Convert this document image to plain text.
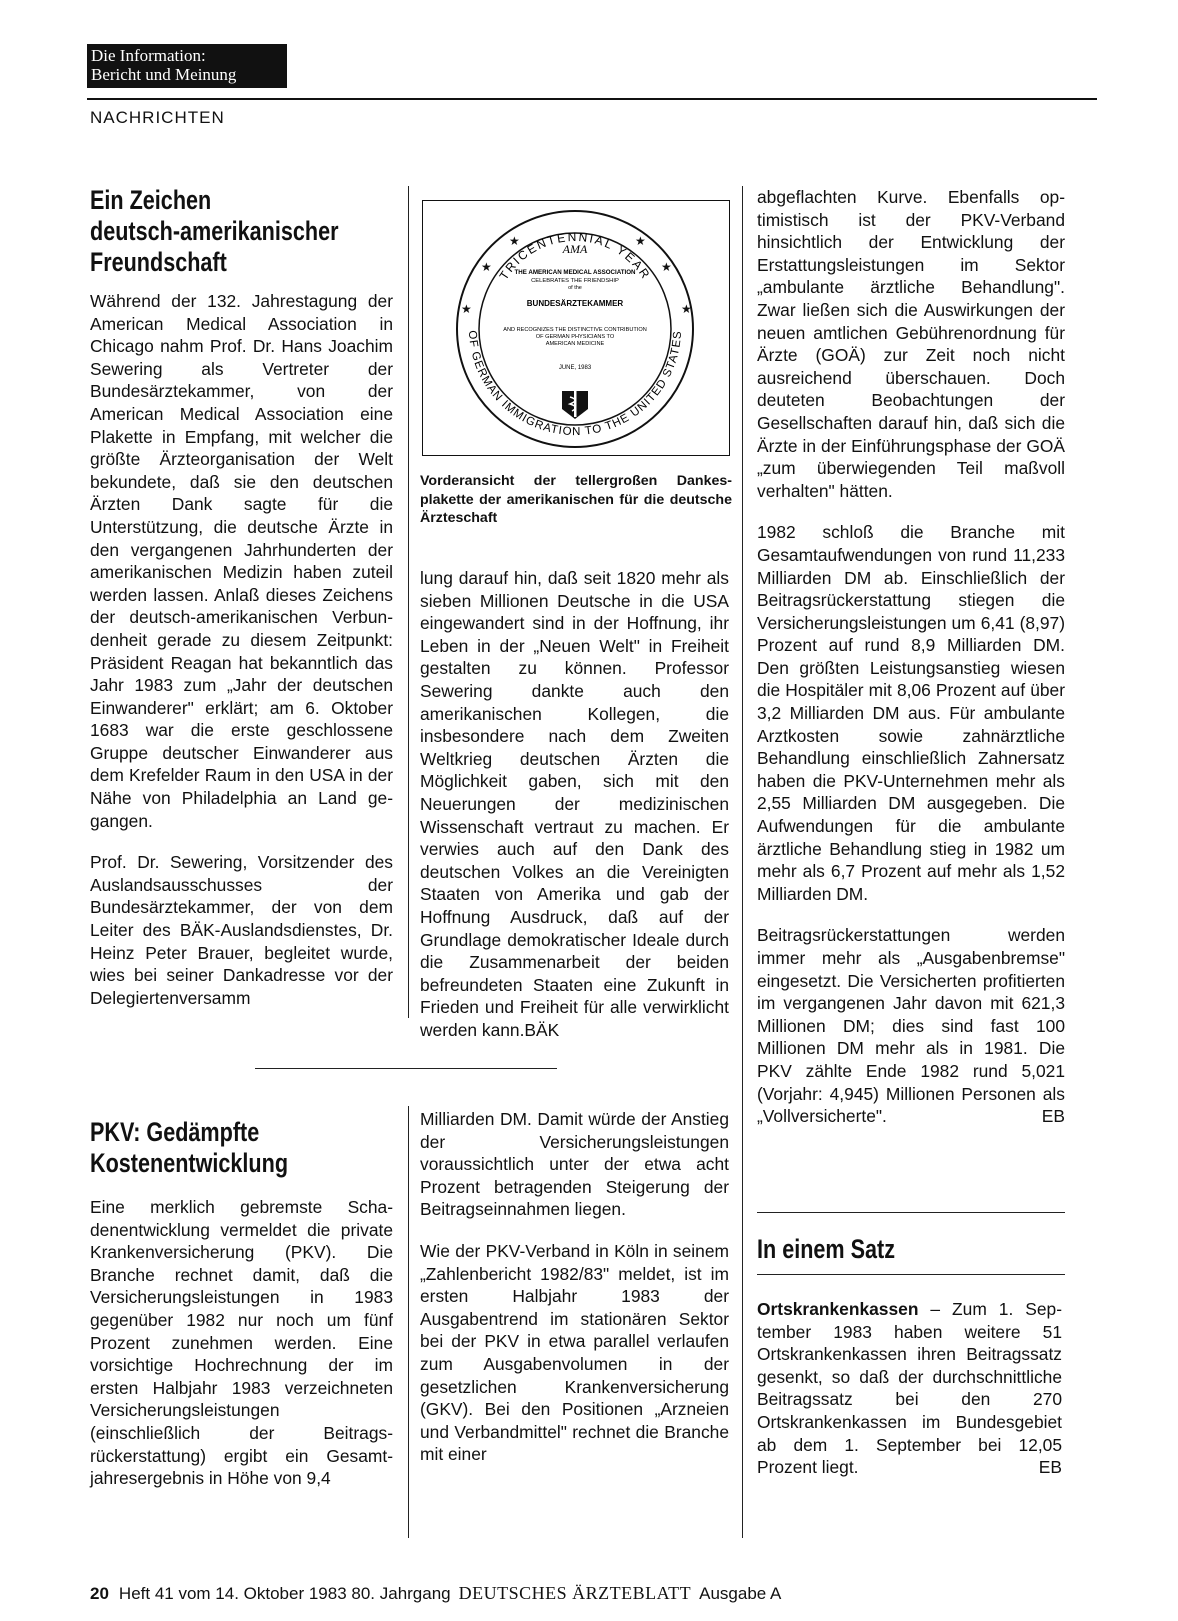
Die Information:
Bericht und Meinung
NACHRICHTEN
Ein Zeichen
deutsch-amerikanischer
Freundschaft

Während der 132. Jahrestagung der American Medical Association in Chicago nahm Prof. Dr. Hans Joachim Sewering als Vertreter der Bundesärztekammer, von der American Medical Association eine Plakette in Empfang, mit welcher die größte Ärzteorganisation der Welt bekundete, daß sie den deutschen Ärzten Dank sagte für die Unterstützung, die deutsche Ärzte in den vergangenen Jahrhunderten der amerikanischen Medizin haben zuteil werden lassen. Anlaß dieses Zeichens der deutsch-amerikanischen Verbundenheit gerade zu diesem Zeitpunkt: Präsident Reagan hat bekanntlich das Jahr 1983 zum „Jahr der deutschen Einwanderer" erklärt; am 6. Oktober 1683 war die erste geschlossene Gruppe deutscher Einwanderer aus dem Krefelder Raum in den USA in der Nähe von Philadelphia an Land gegangen.

Prof. Dr. Sewering, Vorsitzender des Auslandsausschusses der Bundesärztekammer, der von dem Leiter des BÄK-Auslandsdienstes, Dr. Heinz Peter Brauer, begleitet wurde, wies bei seiner Dankadresse vor der Delegiertenversamm

TRICENTENNIAL YEAR
OF GERMAN IMMIGRATION TO THE UNITED STATES
★	★
★	★
★	★
AMA
THE AMERICAN MEDICAL ASSOCIATION
CELEBRATES THE FRIENDSHIP
of the
BUNDESÄRZTEKAMMER
AND RECOGNIZES THE DISTINCTIVE CONTRIBUTION
OF GERMAN PHYSICIANS TO
AMERICAN MEDICINE
JUNE, 1983
Vorderansicht der tellergroßen Dankesplakette der amerikanischen für die deutsche Ärzteschaft

lung darauf hin, daß seit 1820 mehr als sieben Millionen Deutsche in die USA eingewandert sind in der Hoffnung, ihr Leben in der „Neuen Welt" in Freiheit gestalten zu können. Professor Sewering dankte auch den amerikanischen Kollegen, die insbesondere nach dem Zweiten Weltkrieg deutschen Ärzten die Möglichkeit gaben, sich mit den Neuerungen der medizinischen Wissenschaft vertraut zu machen. Er verwies auch auf den Dank des deutschen Volkes an die Vereinigten Staaten von Amerika und gab der Hoffnung Ausdruck, daß auf der Grundlage demokratischer Ideale durch die Zusammenarbeit der beiden befreundeten Staaten eine Zukunft in Frieden und Freiheit für alle verwirklicht werden kann.BÄK

PKV: Gedämpfte
Kostenentwicklung

Eine merklich gebremste Schadenentwicklung vermeldet die private Krankenversicherung (PKV). Die Branche rechnet damit, daß die Versicherungsleistungen in 1983 gegenüber 1982 nur noch um fünf Prozent zunehmen werden. Eine vorsichtige Hochrechnung der im ersten Halbjahr 1983 verzeichneten Versicherungsleistungen (einschließlich der Beitragsrückerstattung) ergibt ein Gesamtjahresergebnis in Höhe von 9,4

Milliarden DM. Damit würde der Anstieg der Versicherungsleistungen voraussichtlich unter der etwa acht Prozent betragenden Steigerung der Beitragseinnahmen liegen.

Wie der PKV-Verband in Köln in seinem „Zahlenbericht 1982/83" meldet, ist im ersten Halbjahr 1983 der Ausgabentrend im stationären Sektor bei der PKV in etwa parallel verlaufen zum Ausgabenvolumen in der gesetzlichen Krankenversicherung (GKV). Bei den Positionen „Arzneien und Verbandmittel" rechnet die Branche mit einer

abgeflachten Kurve. Ebenfalls optimistisch ist der PKV-Verband hinsichtlich der Entwicklung der Erstattungsleistungen im Sektor „ambulante ärztliche Behandlung". Zwar ließen sich die Auswirkungen der neuen amtlichen Gebührenordnung für Ärzte (GOÄ) zur Zeit noch nicht ausreichend überschauen. Doch deuteten Beobachtungen der Gesellschaften darauf hin, daß sich die Ärzte in der Einführungsphase der GOÄ „zum überwiegenden Teil maßvoll verhalten" hätten.

1982 schloß die Branche mit Gesamtaufwendungen von rund 11,233 Milliarden DM ab. Einschließlich der Beitragsrückerstattung stiegen die Versicherungsleistungen um 6,41 (8,97) Prozent auf rund 8,9 Milliarden DM. Den größten Leistungsanstieg wiesen die Hospitäler mit 8,06 Prozent auf über 3,2 Milliarden DM aus. Für ambulante Arztkosten sowie zahnärztliche Behandlung einschließlich Zahnersatz haben die PKV-Unternehmen mehr als 2,55 Milliarden DM ausgegeben. Die Aufwendungen für die ambulante ärztliche Behandlung stieg in 1982 um mehr als 6,7 Prozent auf mehr als 1,52 Milliarden DM.

Beitragsrückerstattungen werden immer mehr als „Ausgabenbremse" eingesetzt. Die Versicherten profitierten im vergangenen Jahr davon mit 621,3 Millionen DM; dies sind fast 100 Millionen DM mehr als in 1981. Die PKV zählte Ende 1982 rund 5,021 (Vorjahr: 4,945) Millionen Personen als „Vollversicherte".	EB

In einem Satz

Ortskrankenkassen – Zum 1. September 1983 haben weitere 51 Ortskrankenkassen ihren Beitragssatz gesenkt, so daß der durchschnittliche Beitragssatz bei den 270 Ortskrankenkassen im Bundesgebiet ab dem 1. September bei 12,05 Prozent liegt.	EB

20 Heft 41 vom 14. Oktober 1983 80. Jahrgang DEUTSCHES ÄRZTEBLATT Ausgabe A
